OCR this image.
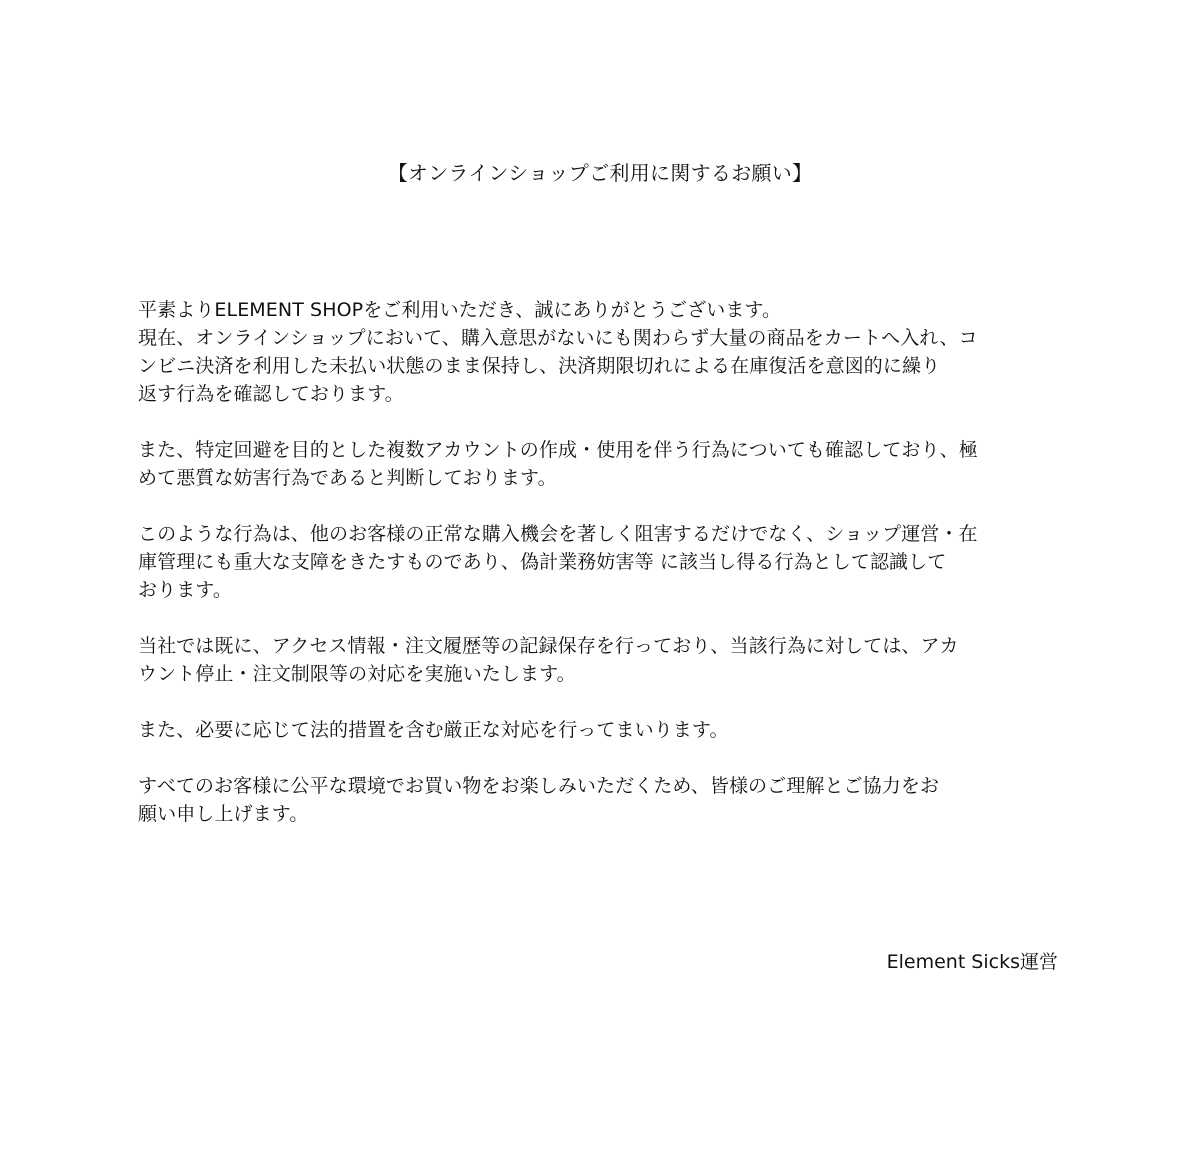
【オンラインショップご利用に関するお願い】

平素よりELEMENT SHOPをご利用いただき、誠にありがとうございます。
現在、オンラインショップにおいて、購入意思がないにも関わらず大量の商品をカートへ入れ、コ
ンビニ決済を利用した未払い状態のまま保持し、決済期限切れによる在庫復活を意図的に繰り
返す行為を確認しております。

また、特定回避を目的とした複数アカウントの作成・使用を伴う行為についても確認しており、極
めて悪質な妨害行為であると判断しております。

このような行為は、他のお客様の正常な購入機会を著しく阻害するだけでなく、ショップ運営・在
庫管理にも重大な支障をきたすものであり、偽計業務妨害等 に該当し得る行為として認識して
おります。

当社では既に、アクセス情報・注文履歴等の記録保存を行っており、当該行為に対しては、アカ
ウント停止・注文制限等の対応を実施いたします。

また、必要に応じて法的措置を含む厳正な対応を行ってまいります。

すべてのお客様に公平な環境でお買い物をお楽しみいただくため、皆様のご理解とご協力をお
願い申し上げます。

Element Sicks運営
